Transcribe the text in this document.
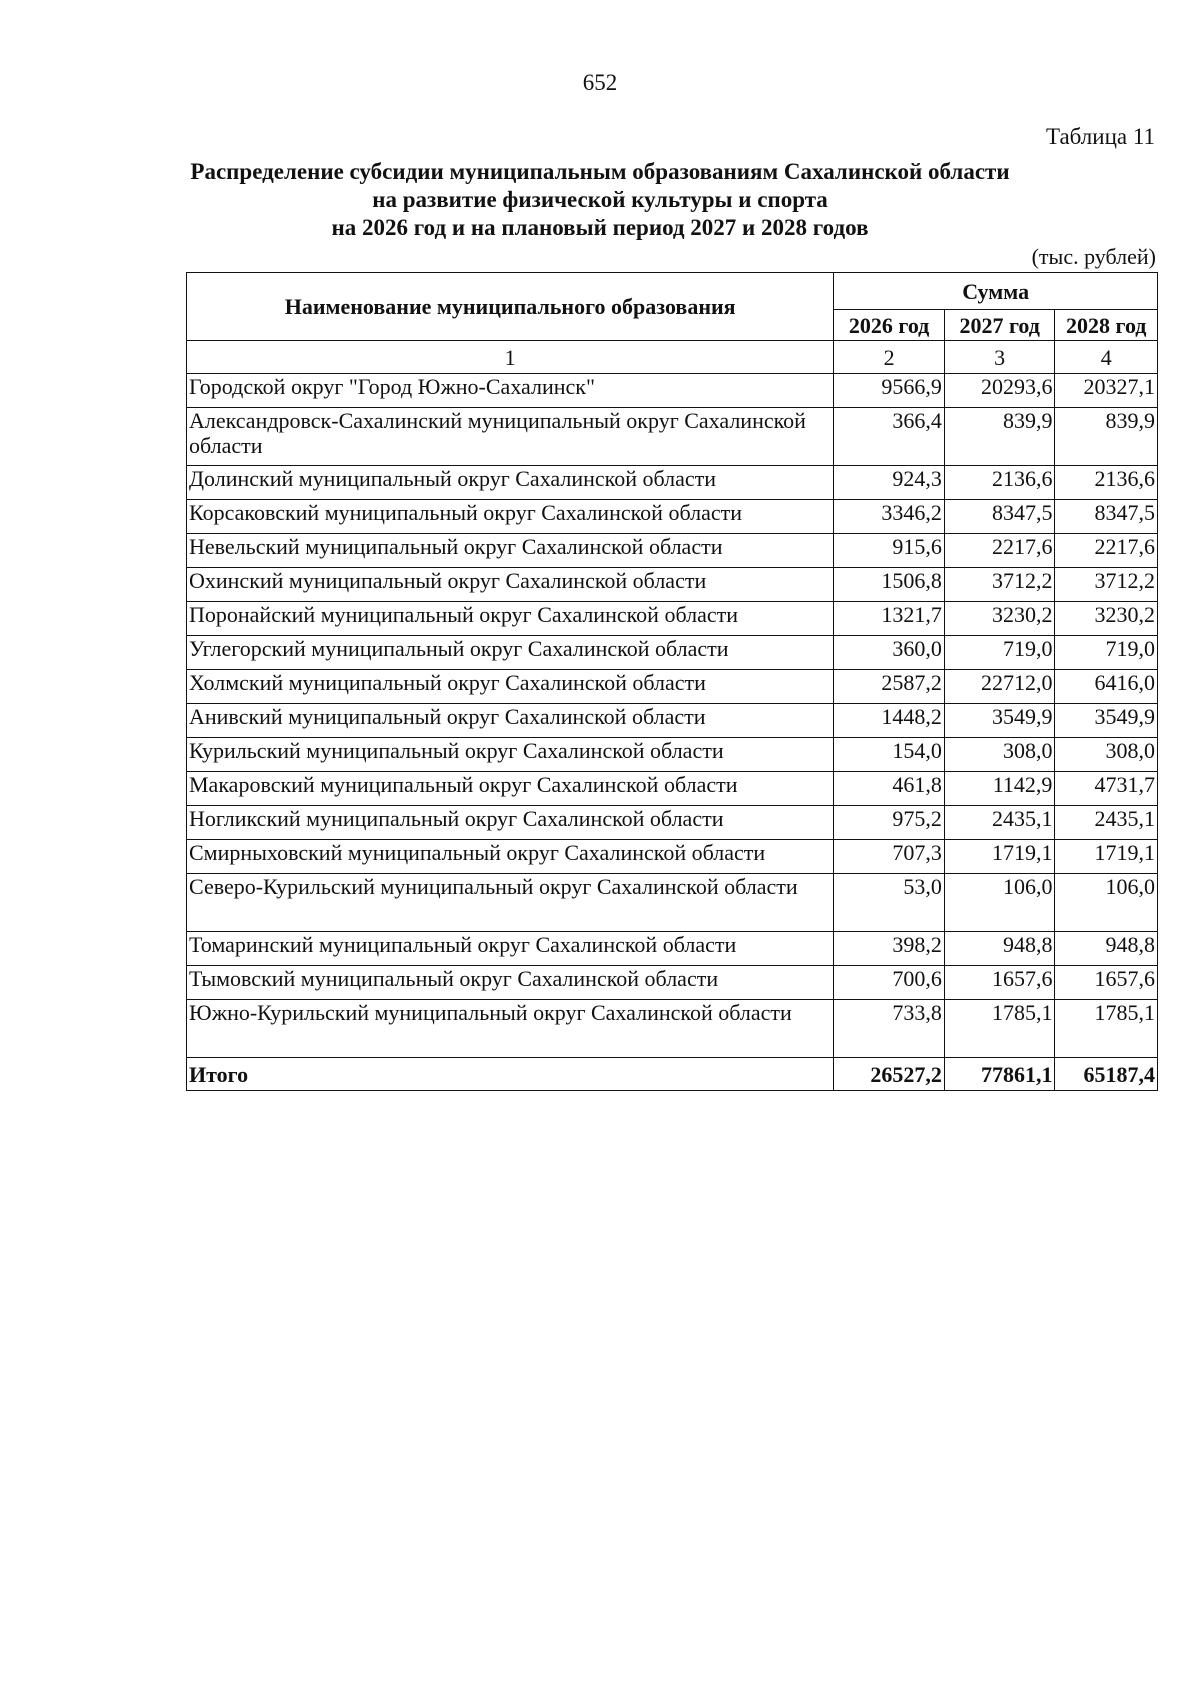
652
Таблица 11
Распределение субсидии муниципальным образованиям Сахалинской области
на развитие физической культуры и спорта
на 2026 год и на плановый период 2027 и 2028 годов
(тыс. рублей)
Наименование муниципального образования	Сумма		
	2026 год	2027 год	2028 год
1	2	3	4
Городской округ "Город Южно-Сахалинск"	9566,9	20293,6	20327,1
Александровск-Сахалинский муниципальный округ Сахалинской области	366,4	839,9	839,9
Долинский муниципальный округ Сахалинской области	924,3	2136,6	2136,6
Корсаковский муниципальный округ Сахалинской области	3346,2	8347,5	8347,5
Невельский муниципальный округ Сахалинской области	915,6	2217,6	2217,6
Охинский муниципальный округ Сахалинской области	1506,8	3712,2	3712,2
Поронайский муниципальный округ Сахалинской области	1321,7	3230,2	3230,2
Углегорский муниципальный округ Сахалинской области	360,0	719,0	719,0
Холмский муниципальный округ Сахалинской области	2587,2	22712,0	6416,0
Анивский муниципальный округ Сахалинской области	1448,2	3549,9	3549,9
Курильский муниципальный округ Сахалинской области	154,0	308,0	308,0
Макаровский муниципальный округ Сахалинской области	461,8	1142,9	4731,7
Ногликский муниципальный округ Сахалинской области	975,2	2435,1	2435,1
Смирныховский муниципальный округ Сахалинской области	707,3	1719,1	1719,1
Северо-Курильский муниципальный округ Сахалинской области	53,0	106,0	106,0
Томаринский муниципальный округ Сахалинской области	398,2	948,8	948,8
Тымовский муниципальный округ Сахалинской области	700,6	1657,6	1657,6
Южно-Курильский муниципальный округ Сахалинской области	733,8	1785,1	1785,1
Итого	26527,2	77861,1	65187,4
